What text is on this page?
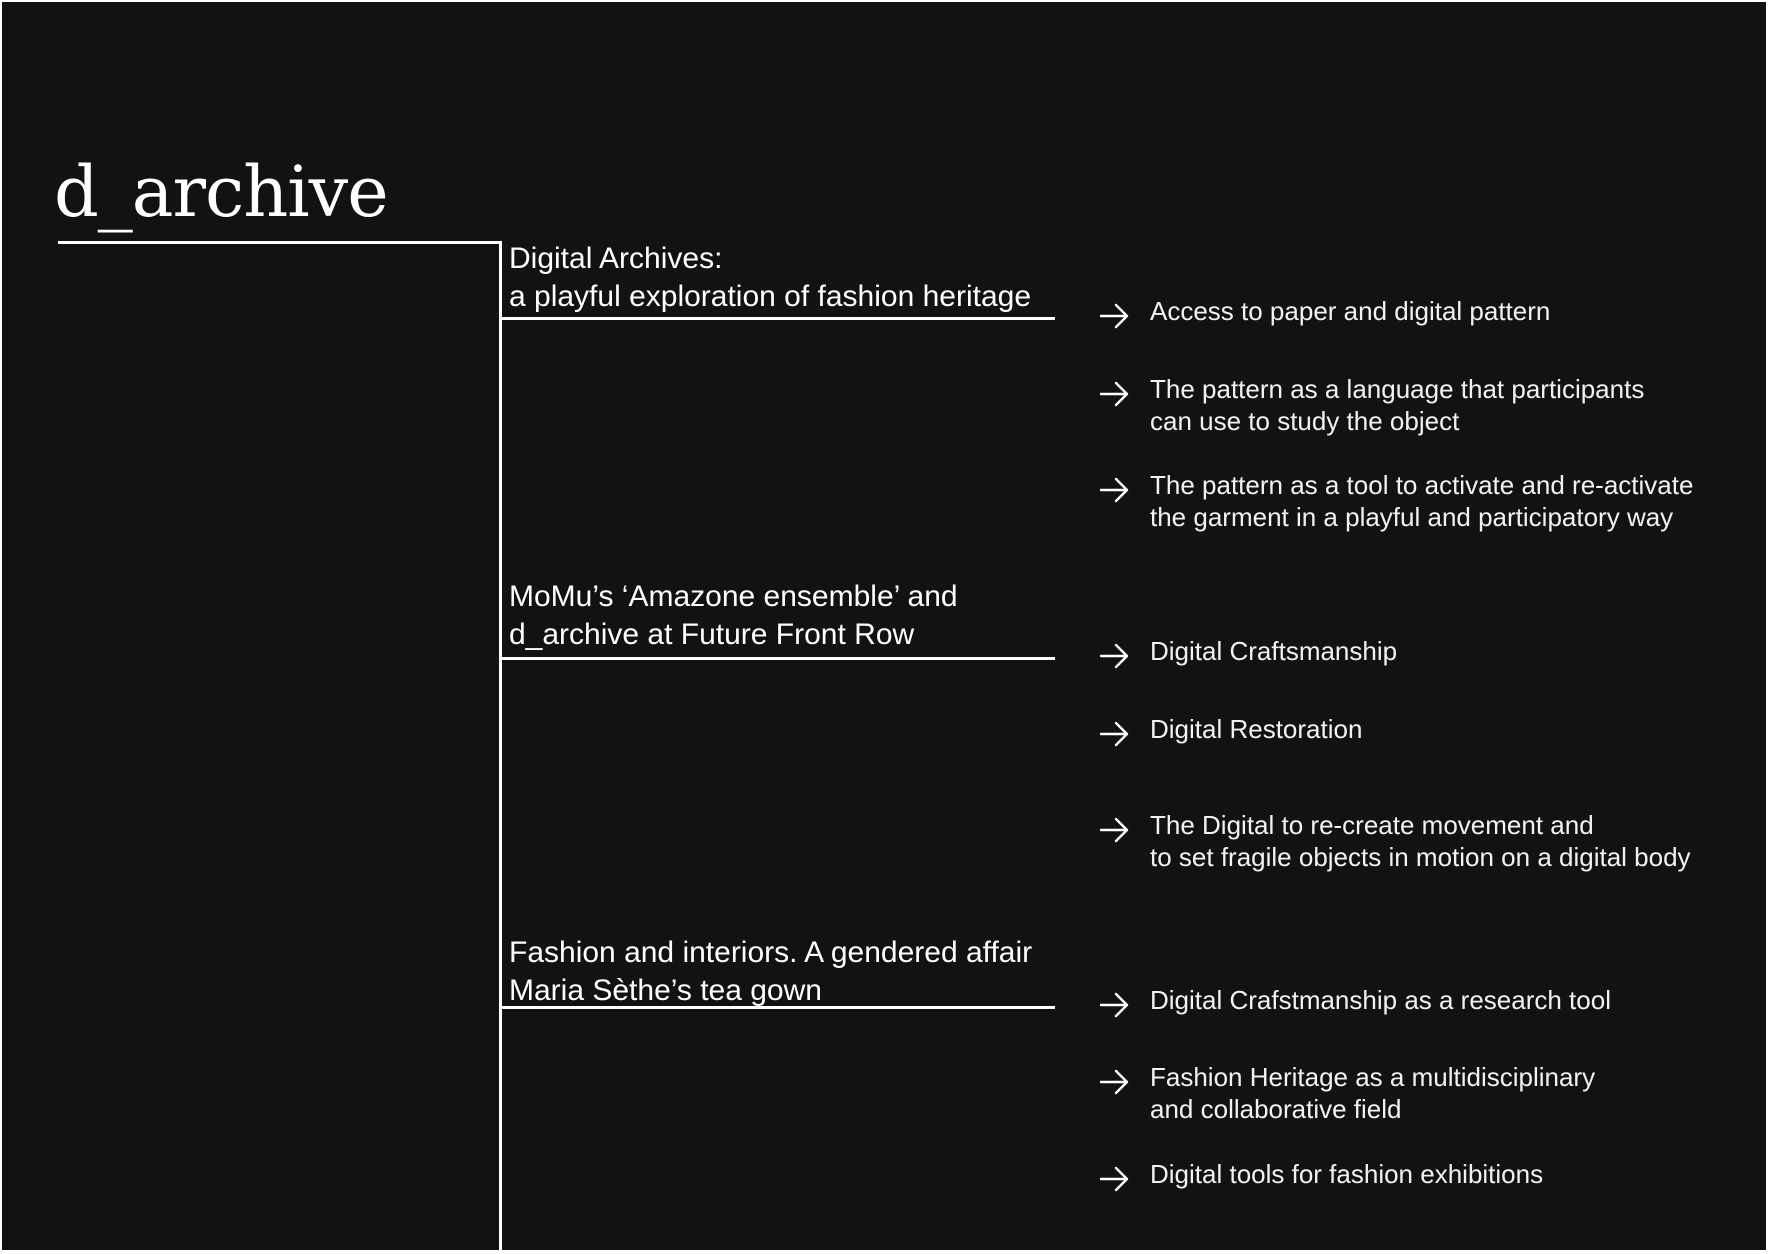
d_archive
Digital Archives:
a playful exploration of fashion heritage
MoMu’s ‘Amazone ensemble’ and
d_archive at Future Front Row
Fashion and interiors. A gendered affair
Maria Sèthe’s tea gown
Access to paper and digital pattern
The pattern as a language that participants
can use to study the object
The pattern as a tool to activate and re-activate
the garment in a playful and participatory way
Digital Craftsmanship
Digital Restoration
The Digital to re-create movement and
to set fragile objects in motion on a digital body
Digital Crafstmanship as a research tool
Fashion Heritage as a multidisciplinary
and collaborative field
Digital tools for fashion exhibitions
